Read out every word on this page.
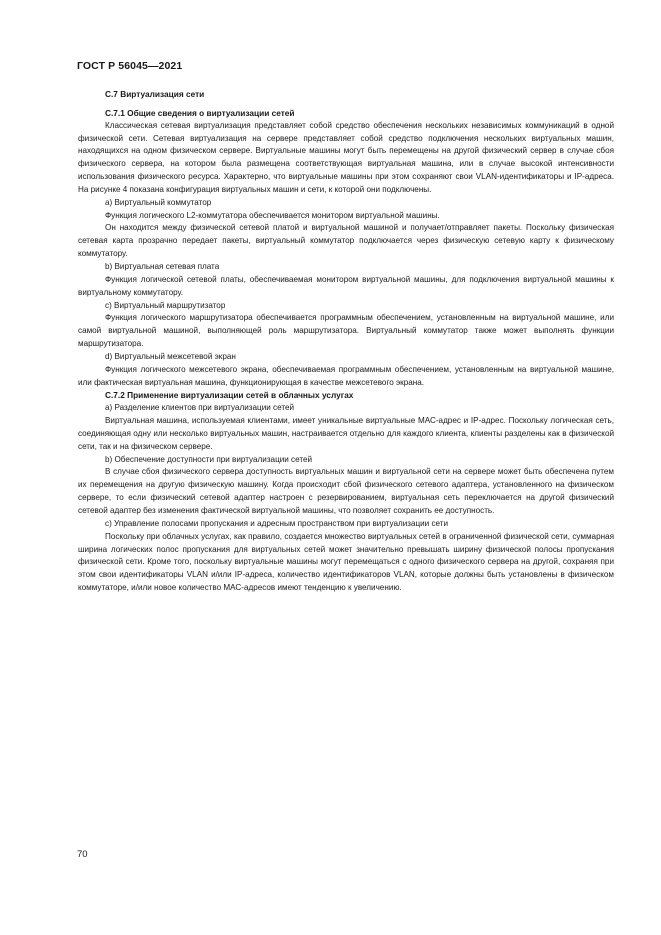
ГОСТ Р 56045—2021
С.7 Виртуализация сети
С.7.1 Общие сведения о виртуализации сетей
Классическая сетевая виртуализация представляет собой средство обеспечения нескольких независимых коммуникаций в одной физической сети. Сетевая виртуализация на сервере представляет собой средство подключения нескольких виртуальных машин, находящихся на одном физическом сервере. Виртуальные машины могут быть перемещены на другой физический сервер в случае сбоя физического сервера, на котором была размещена соответствующая виртуальная машина, или в случае высокой интенсивности использования физического ресурса. Характерно, что виртуальные машины при этом сохраняют свои VLAN-идентификаторы и IP-адреса. На рисунке 4 показана конфигурация виртуальных машин и сети, к которой они подключены.
a) Виртуальный коммутатор
Функция логического L2-коммутатора обеспечивается монитором виртуальной машины.
Он находится между физической сетевой платой и виртуальной машиной и получает/отправляет пакеты. Поскольку физическая сетевая карта прозрачно передает пакеты, виртуальный коммутатор подключается через физическую сетевую карту к физическому коммутатору.
b) Виртуальная сетевая плата
Функция логической сетевой платы, обеспечиваемая монитором виртуальной машины, для подключения виртуальной машины к виртуальному коммутатору.
c) Виртуальный маршрутизатор
Функция логического маршрутизатора обеспечивается программным обеспечением, установленным на виртуальной машине, или самой виртуальной машиной, выполняющей роль маршрутизатора. Виртуальный коммутатор также может выполнять функции маршрутизатора.
d) Виртуальный межсетевой экран
Функция логического межсетевого экрана, обеспечиваемая программным обеспечением, установленным на виртуальной машине, или фактическая виртуальная машина, функционирующая в качестве межсетевого экрана.
С.7.2 Применение виртуализации сетей в облачных услугах
a) Разделение клиентов при виртуализации сетей
Виртуальная машина, используемая клиентами, имеет уникальные виртуальные МАС-адрес и IP-адрес. Поскольку логическая сеть, соединяющая одну или несколько виртуальных машин, настраивается отдельно для каждого клиента, клиенты разделены как в физической сети, так и на физическом сервере.
b) Обеспечение доступности при виртуализации сетей
В случае сбоя физического сервера доступность виртуальных машин и виртуальной сети на сервере может быть обеспечена путем их перемещения на другую физическую машину. Когда происходит сбой физического сетевого адаптера, установленного на физическом сервере, то если физический сетевой адаптер настроен с резервированием, виртуальная сеть переключается на другой физический сетевой адаптер без изменения фактической виртуальной машины, что позволяет сохранить ее доступность.
c) Управление полосами пропускания и адресным пространством при виртуализации сети
Поскольку при облачных услугах, как правило, создается множество виртуальных сетей в ограниченной физической сети, суммарная ширина логических полос пропускания для виртуальных сетей может значительно превышать ширину физической полосы пропускания физической сети. Кроме того, поскольку виртуальные машины могут перемещаться с одного физического сервера на другой, сохраняя при этом свои идентификаторы VLAN и/или IP-адреса, количество идентификаторов VLAN, которые должны быть установлены в физическом коммутаторе, и/или новое количество МАС-адресов имеют тенденцию к увеличению.
70
